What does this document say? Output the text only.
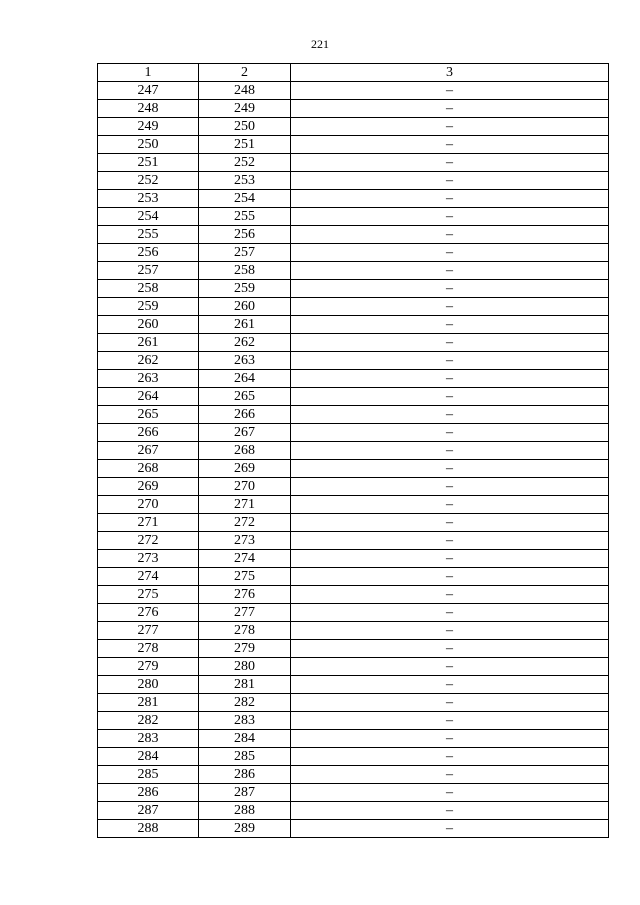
221
1	2	3
247	248	–
248	249	–
249	250	–
250	251	–
251	252	–
252	253	–
253	254	–
254	255	–
255	256	–
256	257	–
257	258	–
258	259	–
259	260	–
260	261	–
261	262	–
262	263	–
263	264	–
264	265	–
265	266	–
266	267	–
267	268	–
268	269	–
269	270	–
270	271	–
271	272	–
272	273	–
273	274	–
274	275	–
275	276	–
276	277	–
277	278	–
278	279	–
279	280	–
280	281	–
281	282	–
282	283	–
283	284	–
284	285	–
285	286	–
286	287	–
287	288	–
288	289	–
